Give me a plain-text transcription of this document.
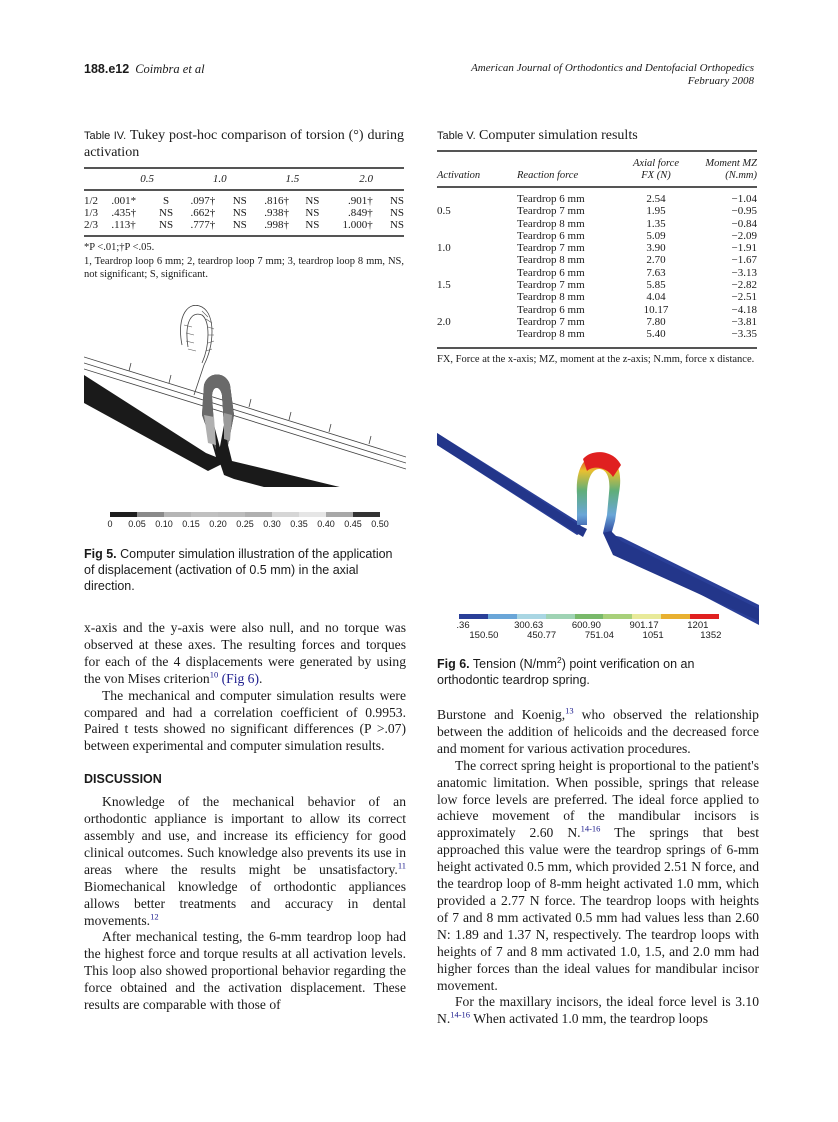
188.e12 Coimbra et al	American Journal of Orthodontics and Dentofacial Orthopedics
February 2008
Table IV. Tukey post-hoc comparison of torsion (°) during activation
	0.5		1.0		1.5		2.0	

1/2	.001*	S	.097†	NS	.816†	NS	.901†	NS
1/3	.435†	NS	.662†	NS	.938†	NS	.849†	NS
2/3	.113†	NS	.777†	NS	.998†	NS	1.000†	NS
*P <.01;†P <.05.
1, Teardrop loop 6 mm; 2, teardrop loop 7 mm; 3, teardrop loop 8 mm, NS, not significant; S, significant.
Table V. Computer simulation results
Activation	Reaction force	Axial force FX (N)	Moment MZ (N.mm)
	Teardrop 6 mm	2.54	−1.04
0.5	Teardrop 7 mm	1.95	−0.95
	Teardrop 8 mm	1.35	−0.84
	Teardrop 6 mm	5.09	−2.09
1.0	Teardrop 7 mm	3.90	−1.91
	Teardrop 8 mm	2.70	−1.67
	Teardrop 6 mm	7.63	−3.13
1.5	Teardrop 7 mm	5.85	−2.82
	Teardrop 8 mm	4.04	−2.51
	Teardrop 6 mm	10.17	−4.18
2.0	Teardrop 7 mm	7.80	−3.81
	Teardrop 8 mm	5.40	−3.35
FX, Force at the x-axis; MZ, moment at the z-axis; N.mm, force x distance.
0 0.05 0.10 0.15 0.20 0.25 0.30 0.35 0.40 0.45 0.50
Fig 5. Computer simulation illustration of the application of displacement (activation of 0.5 mm) in the axial direction.
.36	300.63	600.90	901.17	1201
150.50	450.77	751.04	1051	1352
Fig 6. Tension $(N/mm^2)$ point verification on an orthodontic teardrop spring.

x-axis and the y-axis were also null, and no torque was observed at these axes. The resulting forces and torques for each of the 4 displacements were generated by using the von Mises criterion$^{10}$ (Fig 6).

The mechanical and computer simulation results were compared and had a correlation coefficient of 0.9953. Paired t tests showed no significant differences (P >.07) between experimental and computer simulation results.

DISCUSSION

Knowledge of the mechanical behavior of an orthodontic appliance is important to allow its correct assembly and use, and increase its efficiency for good clinical outcomes. Such knowledge also prevents its use in areas where the results might be unsatisfactory.$^{11}$ Biomechanical knowledge of orthodontic appliances allows better treatments and accuracy in dental movements.$^{12}$

After mechanical testing, the 6-mm teardrop loop had the highest force and torque results at all activation levels. This loop also showed proportional behavior regarding the force obtained and the activation displacement. These results are comparable with those of

Burstone and Koenig,$^{13}$ who observed the relationship between the addition of helicoids and the decreased force and moment for various activation procedures.

The correct spring height is proportional to the patient's anatomic limitation. When possible, springs that release low force levels are preferred. The ideal force applied to achieve movement of the mandibular incisors is approximately 2.60 N.$^{14-16}$ The springs that best approached this value were the teardrop springs of 6-mm height activated 0.5 mm, which provided 2.51 N force, and the teardrop loop of 8-mm height activated 1.0 mm, which provided a 2.77 N force. The teardrop loops with heights of 7 and 8 mm activated 0.5 mm had values less than 2.60 N: 1.89 and 1.37 N, respectively. The teardrop loops with heights of 7 and 8 mm activated 1.0, 1.5, and 2.0 mm had higher forces than the ideal values for mandibular incisor movement.

For the maxillary incisors, the ideal force level is 3.10 N.$^{14-16}$ When activated 1.0 mm, the teardrop loops
